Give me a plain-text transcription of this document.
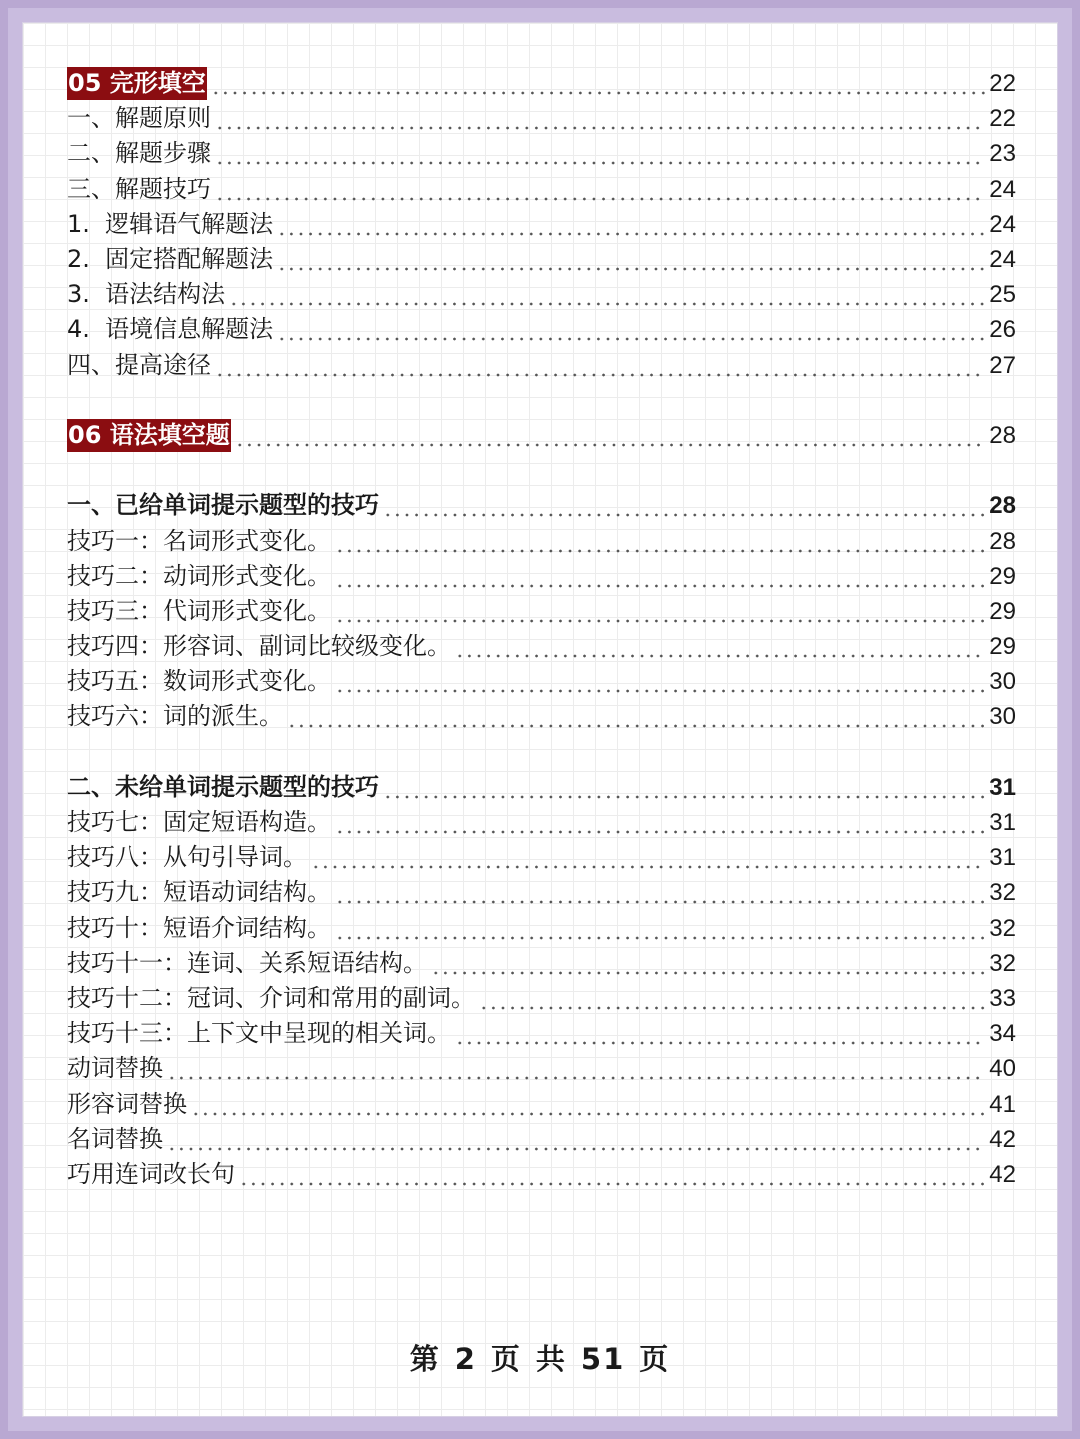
05 完形填空	22
一、解题原则	22
二、解题步骤	23
三、解题技巧	24
1.  逻辑语气解题法	24
2.  固定搭配解题法	24
3.  语法结构法	25
4.  语境信息解题法	26
四、提高途径	27
06 语法填空题	28
一、已给单词提示题型的技巧	28
技巧一：名词形式变化。	28
技巧二：动词形式变化。	29
技巧三：代词形式变化。	29
技巧四：形容词、副词比较级变化。	29
技巧五：数词形式变化。	30
技巧六：词的派生。	30
二、未给单词提示题型的技巧	31
技巧七：固定短语构造。	31
技巧八：从句引导词。	31
技巧九：短语动词结构。	32
技巧十：短语介词结构。	32
技巧十一：连词、关系短语结构。	32
技巧十二：冠词、介词和常用的副词。	33
技巧十三：上下文中呈现的相关词。	34
动词替换	40
形容词替换	41
名词替换	42
巧用连词改长句	42
第 2 页 共 51 页
